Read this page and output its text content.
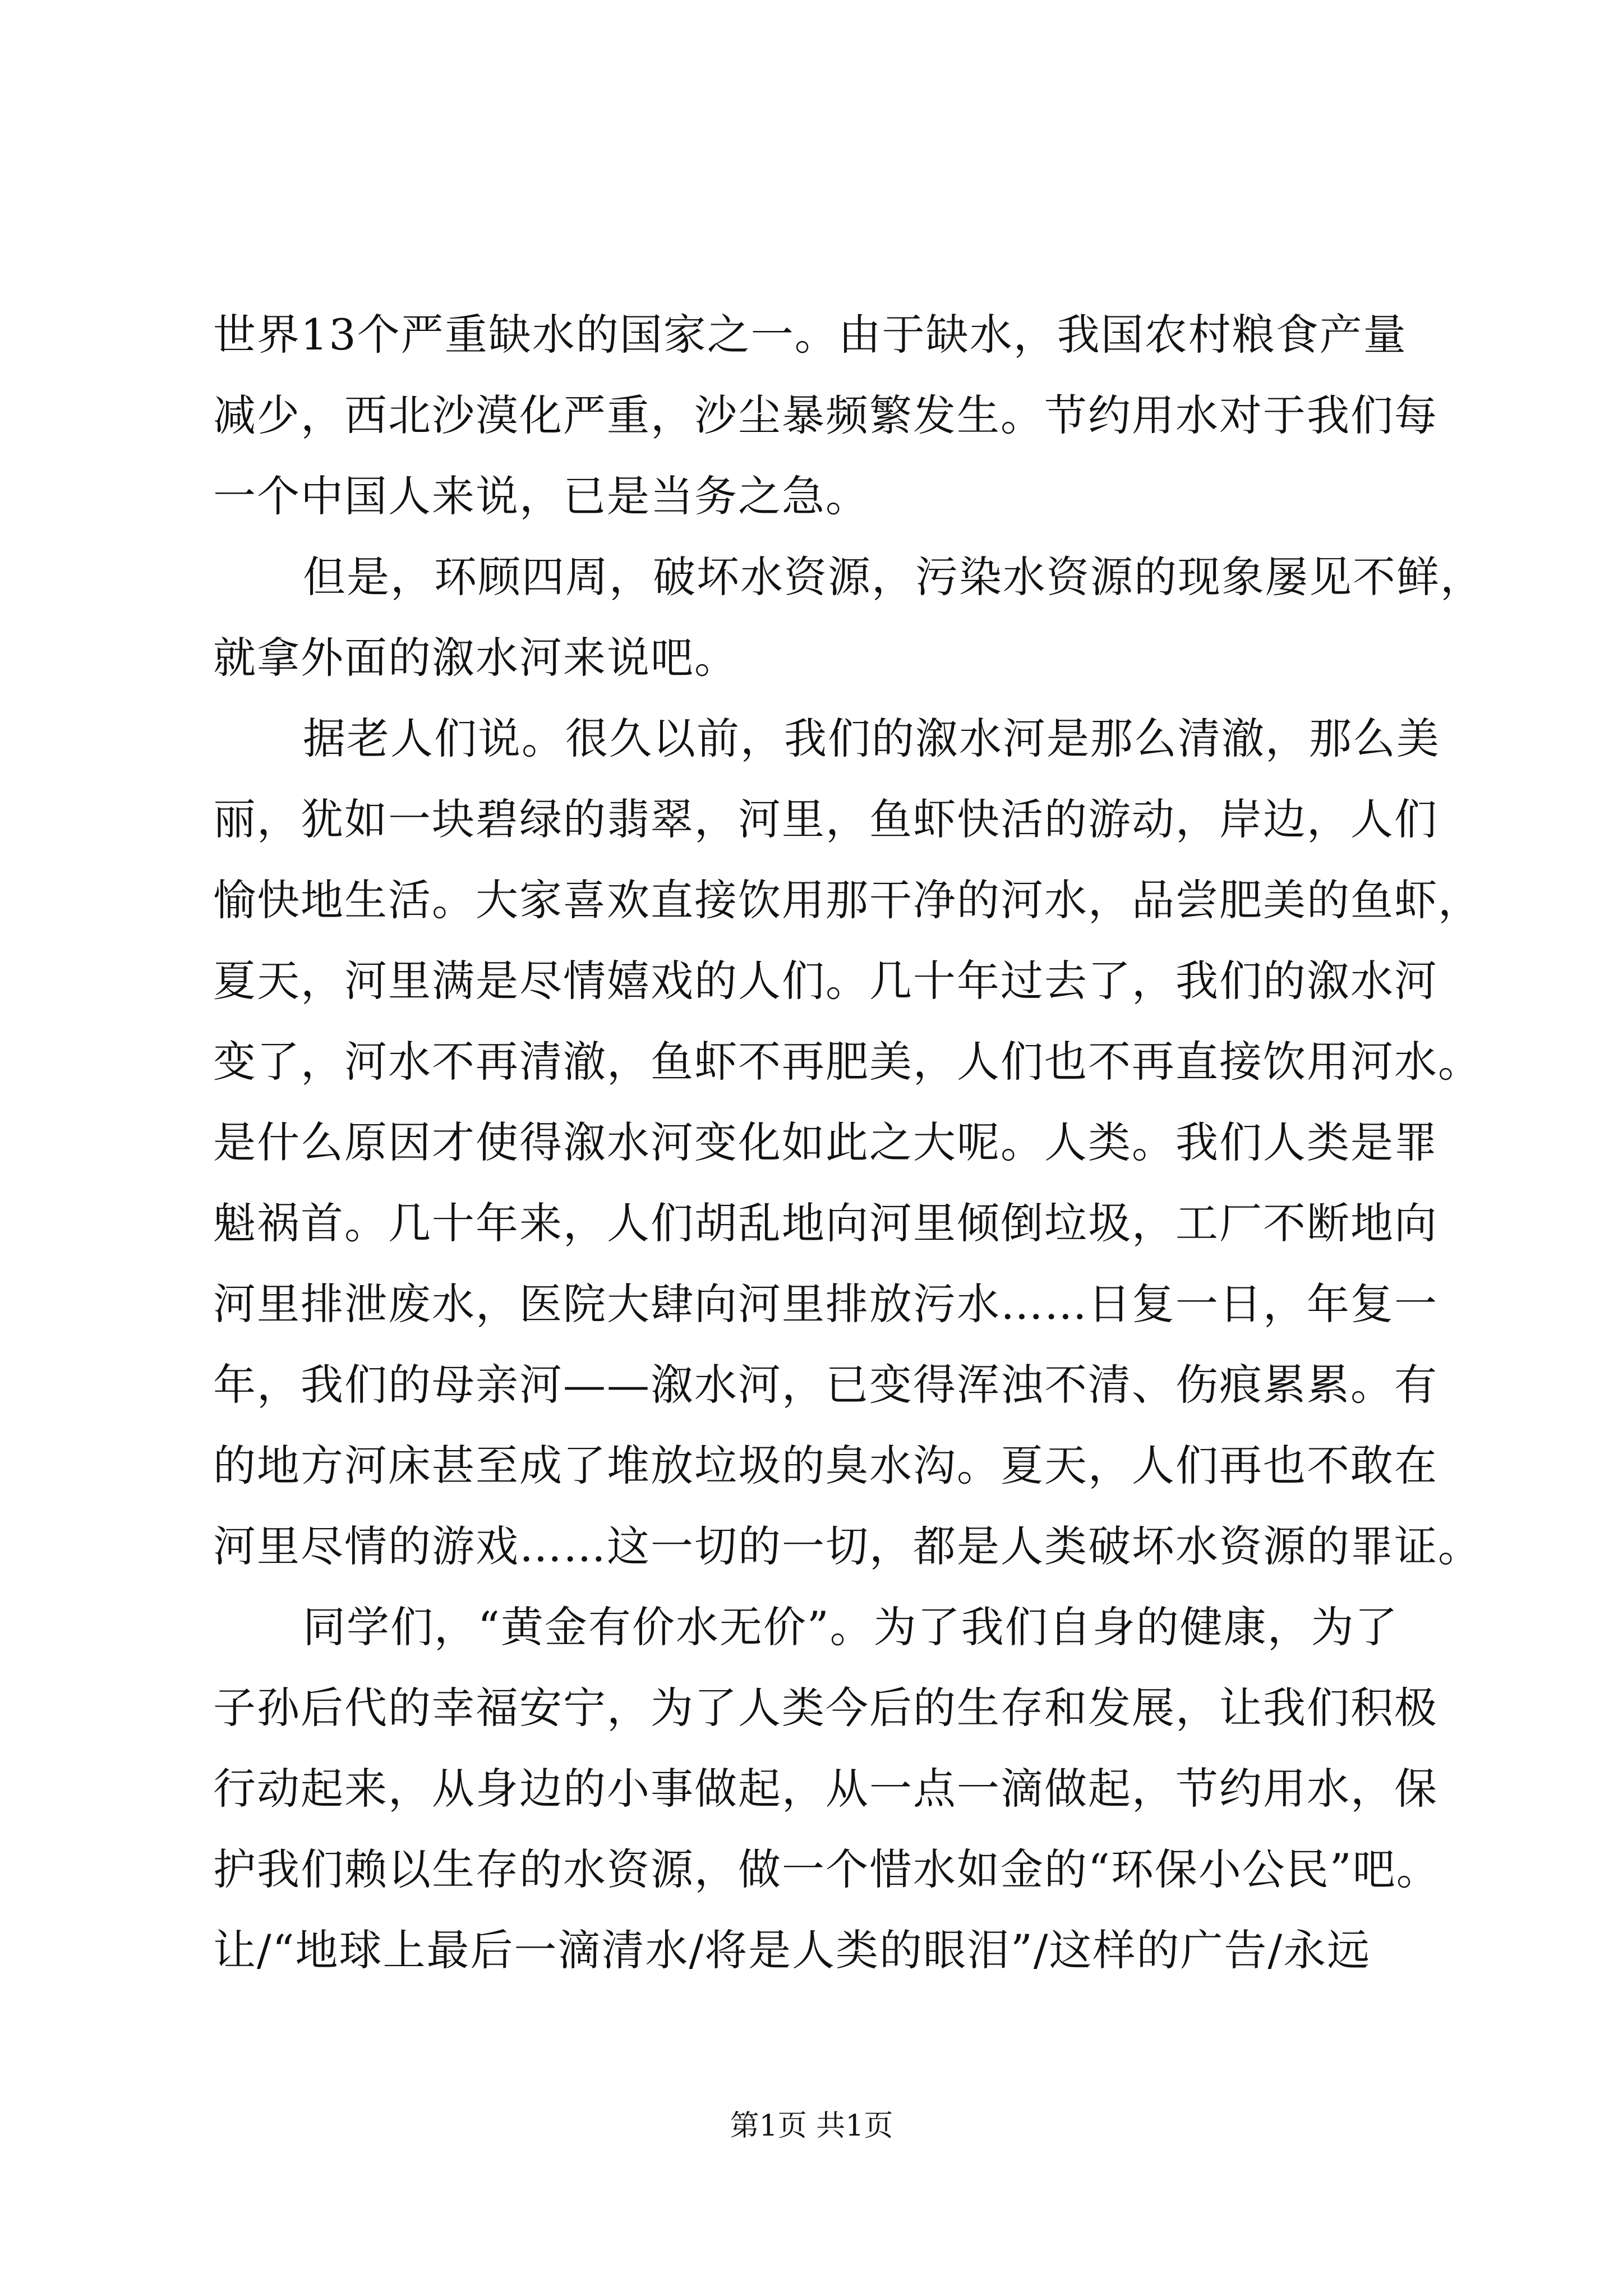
世界13个严重缺水的国家之一。由于缺水，我国农村粮食产量
减少，西北沙漠化严重，沙尘暴频繁发生。节约用水对于我们每
一个中国人来说，已是当务之急。
但是，环顾四周，破坏水资源，污染水资源的现象屡见不鲜，
就拿外面的溆水河来说吧。
据老人们说。很久以前，我们的溆水河是那么清澈，那么美
丽，犹如一块碧绿的翡翠，河里，鱼虾快活的游动，岸边，人们
愉快地生活。大家喜欢直接饮用那干净的河水，品尝肥美的鱼虾，
夏天，河里满是尽情嬉戏的人们。几十年过去了，我们的溆水河
变了，河水不再清澈，鱼虾不再肥美，人们也不再直接饮用河水。
是什么原因才使得溆水河变化如此之大呢。人类。我们人类是罪
魁祸首。几十年来，人们胡乱地向河里倾倒垃圾，工厂不断地向
河里排泄废水，医院大肆向河里排放污水……日复一日，年复一
年，我们的母亲河——溆水河，已变得浑浊不清、伤痕累累。有
的地方河床甚至成了堆放垃圾的臭水沟。夏天，人们再也不敢在
河里尽情的游戏……这一切的一切，都是人类破坏水资源的罪证。
同学们，“黄金有价水无价”。为了我们自身的健康，为了
子孙后代的幸福安宁，为了人类今后的生存和发展，让我们积极
行动起来，从身边的小事做起，从一点一滴做起，节约用水，保
护我们赖以生存的水资源，做一个惜水如金的“环保小公民”吧。
让/“地球上最后一滴清水/将是人类的眼泪”/这样的广告/永远
第1页 共1页
